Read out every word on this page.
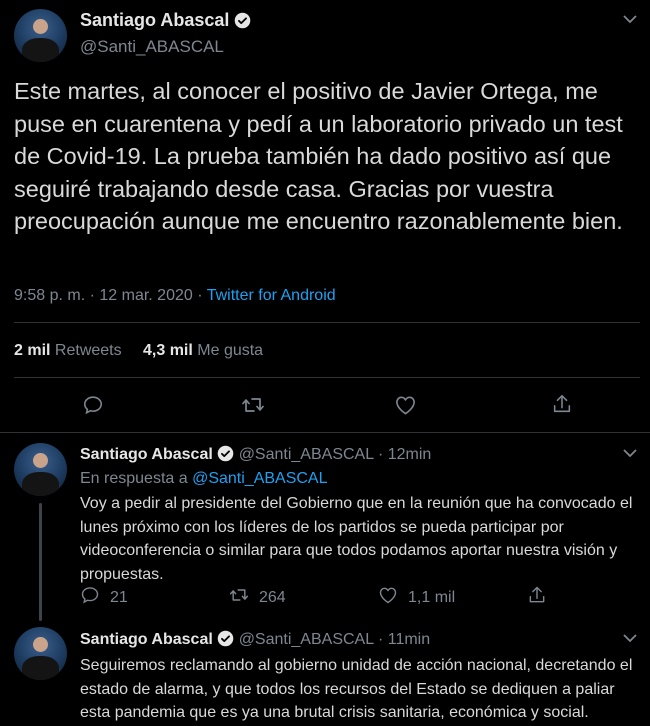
Santiago Abascal
@Santi_ABASCAL
Este martes, al conocer el positivo de Javier Ortega, me puse en cuarentena y pedí a un laboratorio privado un test de Covid-19. La prueba también ha dado positivo así que seguiré trabajando desde casa. Gracias por vuestra preocupación aunque me encuentro razonablemente bien.
9:58 p. m. · 12 mar. 2020 · Twitter for Android
2 mil Retweets 4,3 mil Me gusta
Santiago Abascal @Santi_ABASCAL · 12min
En respuesta a @Santi_ABASCAL
Voy a pedir al presidente del Gobierno que en la reunión que ha convocado el lunes próximo con los líderes de los partidos se pueda participar por videoconferencia o similar para que todos podamos aportar nuestra visión y propuestas.
21	264	1,1 mil
Santiago Abascal @Santi_ABASCAL · 11min
Seguiremos reclamando al gobierno unidad de acción nacional, decretando el estado de alarma, y que todos los recursos del Estado se dediquen a paliar esta pandemia que es ya una brutal crisis sanitaria, económica y social.
